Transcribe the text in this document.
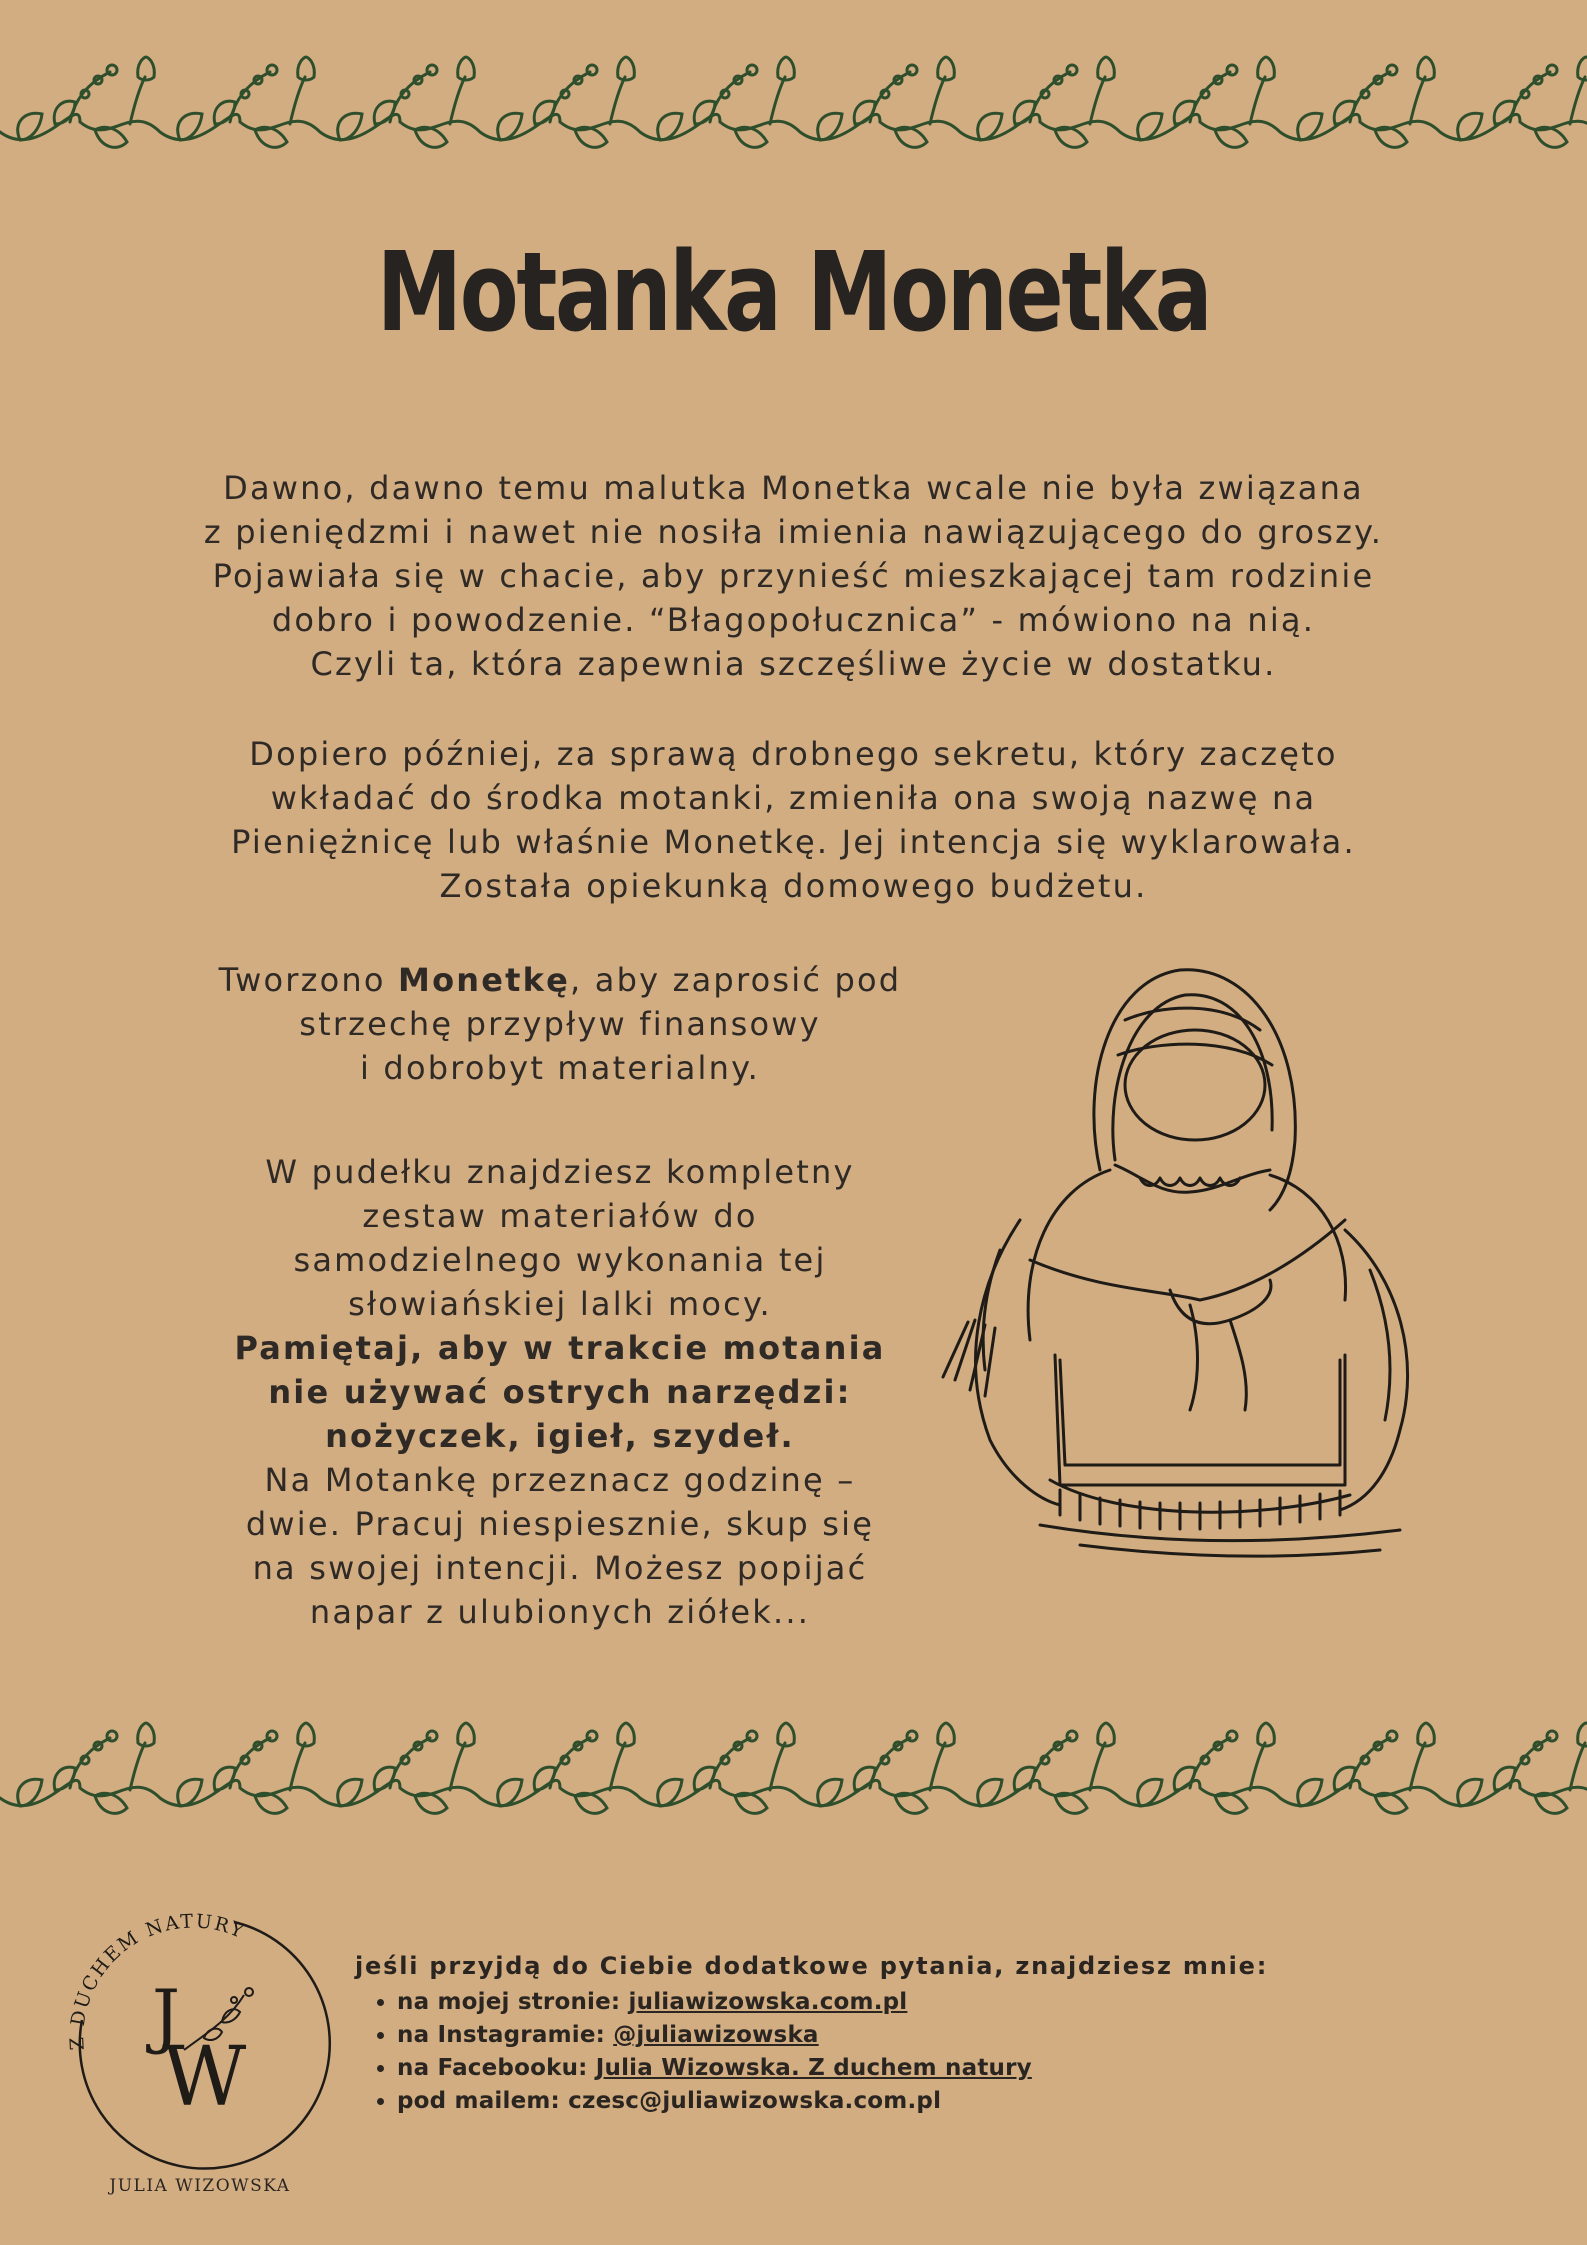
Motanka Monetka
Dawno, dawno temu malutka Monetka wcale nie była związana
z pieniędzmi i nawet nie nosiła imienia nawiązującego do groszy.
Pojawiała się w chacie, aby przynieść mieszkającej tam rodzinie
dobro i powodzenie. “Błagopołucznica” - mówiono na nią.
Czyli ta, która zapewnia szczęśliwe życie w dostatku.
Dopiero później, za sprawą drobnego sekretu, który zaczęto
wkładać do środka motanki, zmieniła ona swoją nazwę na
Pieniężnicę lub właśnie Monetkę. Jej intencja się wyklarowała.
Została opiekunką domowego budżetu.
Tworzono Monetkę, aby zaprosić pod
strzechę przypływ finansowy
i dobrobyt materialny.
W pudełku znajdziesz kompletny
zestaw materiałów do
samodzielnego wykonania tej
słowiańskiej lalki mocy.
Pamiętaj, aby w trakcie motania
nie używać ostrych narzędzi:
nożyczek, igieł, szydeł.
Na Motankę przeznacz godzinę –
dwie. Pracuj niespiesznie, skup się
na swojej intencji. Możesz popijać
napar z ulubionych ziółek...
Z DUCHEM NATURY
J
W
JULIA WIZOWSKA
jeśli przyjdą do Ciebie dodatkowe pytania, znajdziesz mnie:
• na mojej stronie: juliawizowska.com.pl
• na Instagramie: @juliawizowska
• na Facebooku: Julia Wizowska. Z duchem natury
• pod mailem: czesc@juliawizowska.com.pl
